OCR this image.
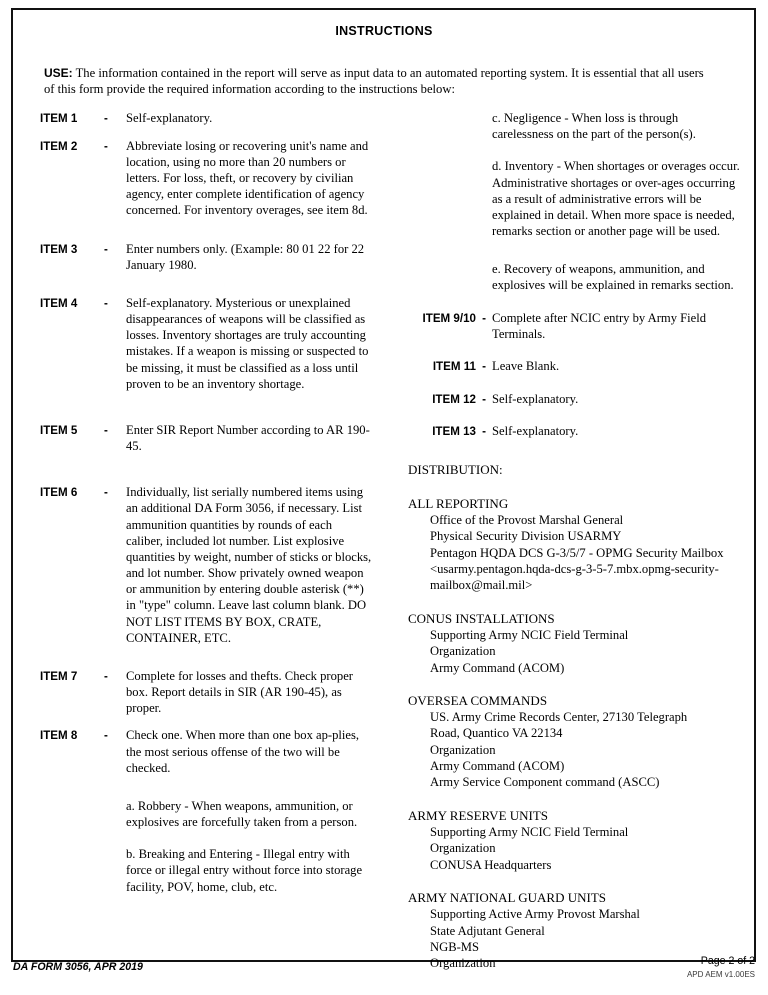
INSTRUCTIONS
USE: The information contained in the report will serve as input data to an automated reporting system. It is essential that all users of this form provide the required information according to the instructions below:
ITEM 1	-	Self-explanatory.
ITEM 2	-	Abbreviate losing or recovering unit's name and location, using no more than 20 numbers or letters. For loss, theft, or recovery by civilian agency, enter complete identification of agency concerned. For inventory overages, see item 8d.
ITEM 3	-	Enter numbers only. (Example: 80 01 22 for 22 January 1980.
ITEM 4	-	Self-explanatory. Mysterious or unexplained disappearances of weapons will be classified as losses. Inventory shortages are truly accounting mistakes. If a weapon is missing or suspected to be missing, it must be classified as a loss until proven to be an inventory shortage.
ITEM 5	-	Enter SIR Report Number according to AR 190-45.
ITEM 6	-	Individually, list serially numbered items using an additional DA Form 3056, if necessary. List ammunition quantities by rounds of each caliber, included lot number. List explosive quantities by weight, number of sticks or blocks, and lot number. Show privately owned weapon or ammunition by entering double asterisk (**) in "type" column. Leave last column blank. DO NOT LIST ITEMS BY BOX, CRATE, CONTAINER, ETC.
ITEM 7	-	Complete for losses and thefts. Check proper box. Report details in SIR (AR 190-45), as proper.
ITEM 8	-	Check one. When more than one box ap-plies, the most serious offense of the two will be checked.
a. Robbery - When weapons, ammunition, or explosives are forcefully taken from a person.
b. Breaking and Entering - Illegal entry with force or illegal entry without force into storage facility, POV, home, club, etc.
c. Negligence - When loss is through carelessness on the part of the person(s).
d. Inventory - When shortages or overages occur. Administrative shortages or over-ages occurring as a result of administrative errors will be explained in detail. When more space is needed, remarks section or another page will be used.
e. Recovery of weapons, ammunition, and explosives will be explained in remarks section.
ITEM 9/10 - Complete after NCIC entry by Army Field Terminals.
ITEM 11 - Leave Blank.
ITEM 12 - Self-explanatory.
ITEM 13 - Self-explanatory.
DISTRIBUTION:
ALL REPORTING
Office of the Provost Marshal General
Physical Security Division USARMY
Pentagon HQDA DCS G-3/5/7 - OPMG Security Mailbox
<usarmy.pentagon.hqda-dcs-g-3-5-7.mbx.opmg-security-
mailbox@mail.mil>
CONUS INSTALLATIONS
Supporting Army NCIC Field Terminal
Organization
Army Command (ACOM)
OVERSEA COMMANDS
US. Army Crime Records Center, 27130 Telegraph
Road, Quantico VA 22134
Organization
Army Command (ACOM)
Army Service Component command (ASCC)
ARMY RESERVE UNITS
Supporting Army NCIC Field Terminal
Organization
CONUSA Headquarters
ARMY NATIONAL GUARD UNITS
Supporting Active Army Provost Marshal
State Adjutant General
NGB-MS
Organization
DA FORM 3056, APR 2019	Page 2 of 2
APD AEM v1.00ES
